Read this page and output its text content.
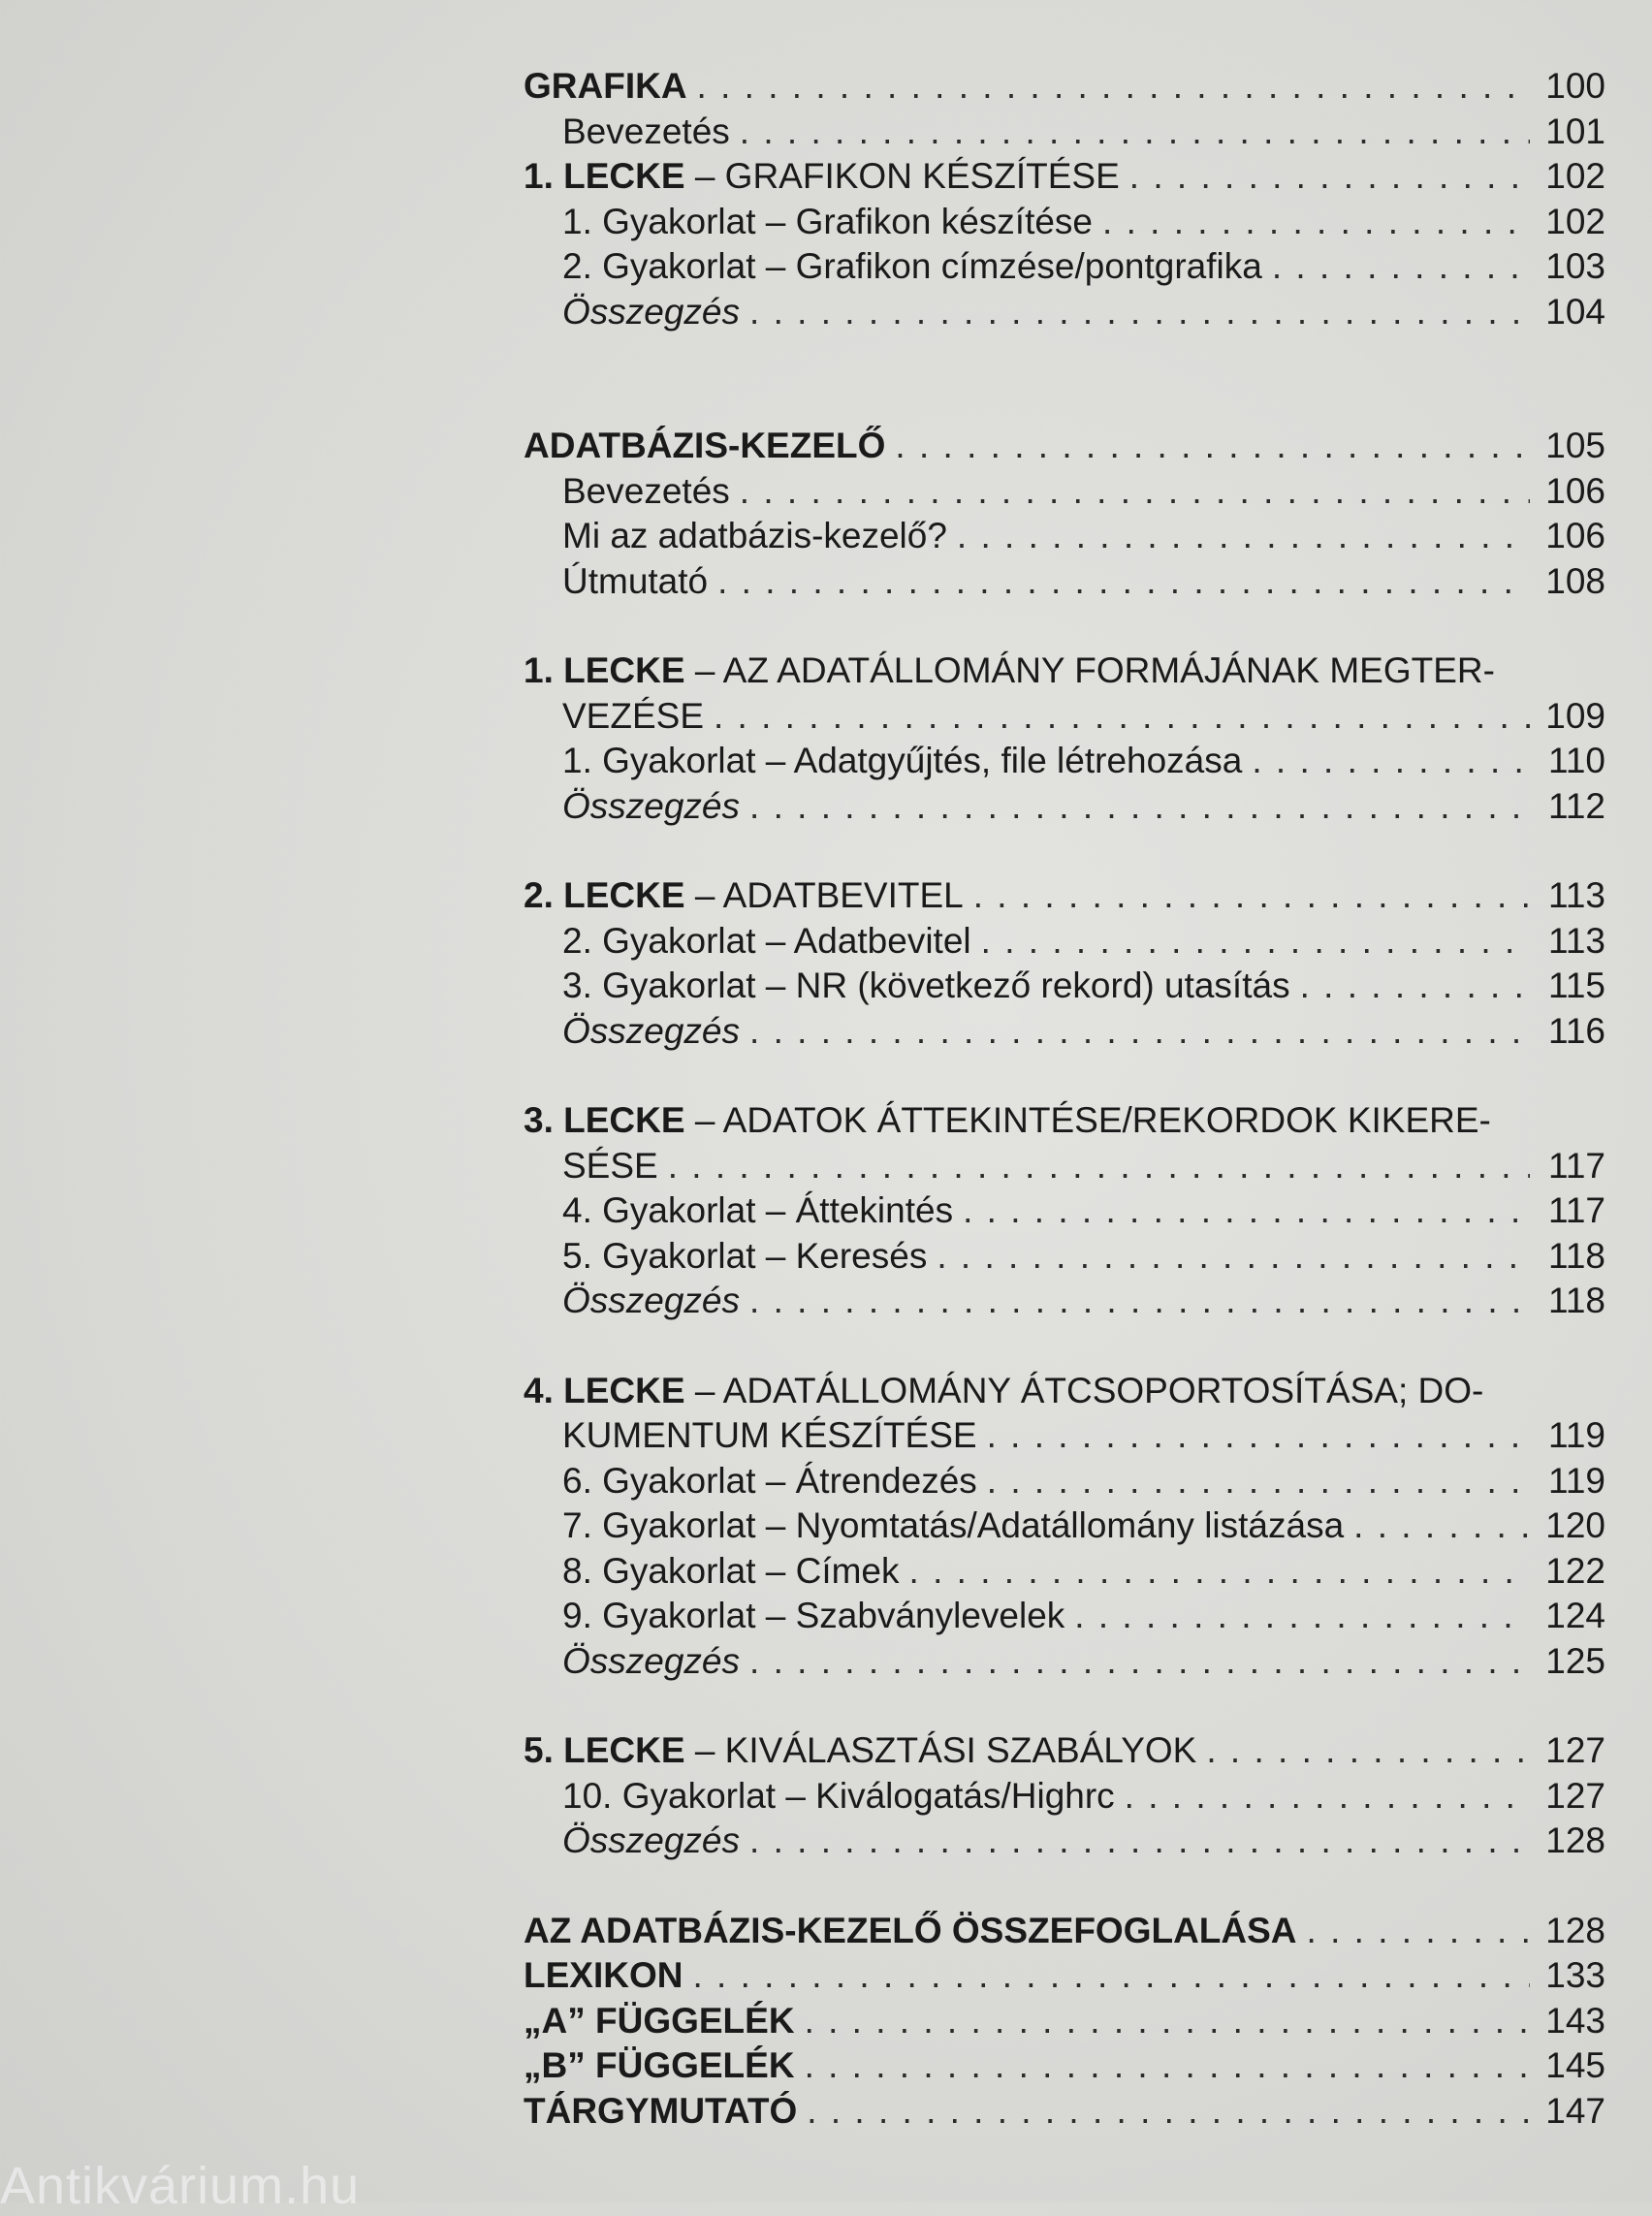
GRAFIKA . . .	100
Bevezetés . . .	101
1. LECKE – GRAFIKON KÉSZÍTÉSE . . .	102
1. Gyakorlat – Grafikon készítése . . .	102
2. Gyakorlat – Grafikon címzése/pontgrafika . . .	103
Összegzés . . .	104
ADATBÁZIS-KEZELŐ . . .	105
Bevezetés . . .	106
Mi az adatbázis-kezelő? . . .	106
Útmutató . . .	108
1. LECKE – AZ ADATÁLLOMÁNY FORMÁJÁNAK MEGTER-
VEZÉSE . . .	109
1. Gyakorlat – Adatgyűjtés, file létrehozása . . .	110
Összegzés . . .	112
2. LECKE – ADATBEVITEL . . .	113
2. Gyakorlat – Adatbevitel . . .	113
3. Gyakorlat – NR (következő rekord) utasítás . . .	115
Összegzés . . .	116
3. LECKE – ADATOK ÁTTEKINTÉSE/REKORDOK KIKERE-
SÉSE . . .	117
4. Gyakorlat – Áttekintés . . .	117
5. Gyakorlat – Keresés . . .	118
Összegzés . . .	118
4. LECKE – ADATÁLLOMÁNY ÁTCSOPORTOSÍTÁSA; DO-
KUMENTUM KÉSZÍTÉSE . . .	119
6. Gyakorlat – Átrendezés . . .	119
7. Gyakorlat – Nyomtatás/Adatállomány listázása . . .	120
8. Gyakorlat – Címek . . .	122
9. Gyakorlat – Szabványlevelek . . .	124
Összegzés . . .	125
5. LECKE – KIVÁLASZTÁSI SZABÁLYOK . . .	127
10. Gyakorlat – Kiválogatás/Highrc . . .	127
Összegzés . . .	128
AZ ADATBÁZIS-KEZELŐ ÖSSZEFOGLALÁSA . . .	128
LEXIKON . . .	133
„A” FÜGGELÉK . . .	143
„B” FÜGGELÉK . . .	145
TÁRGYMUTATÓ . . .	147
Antikvárium.hu
